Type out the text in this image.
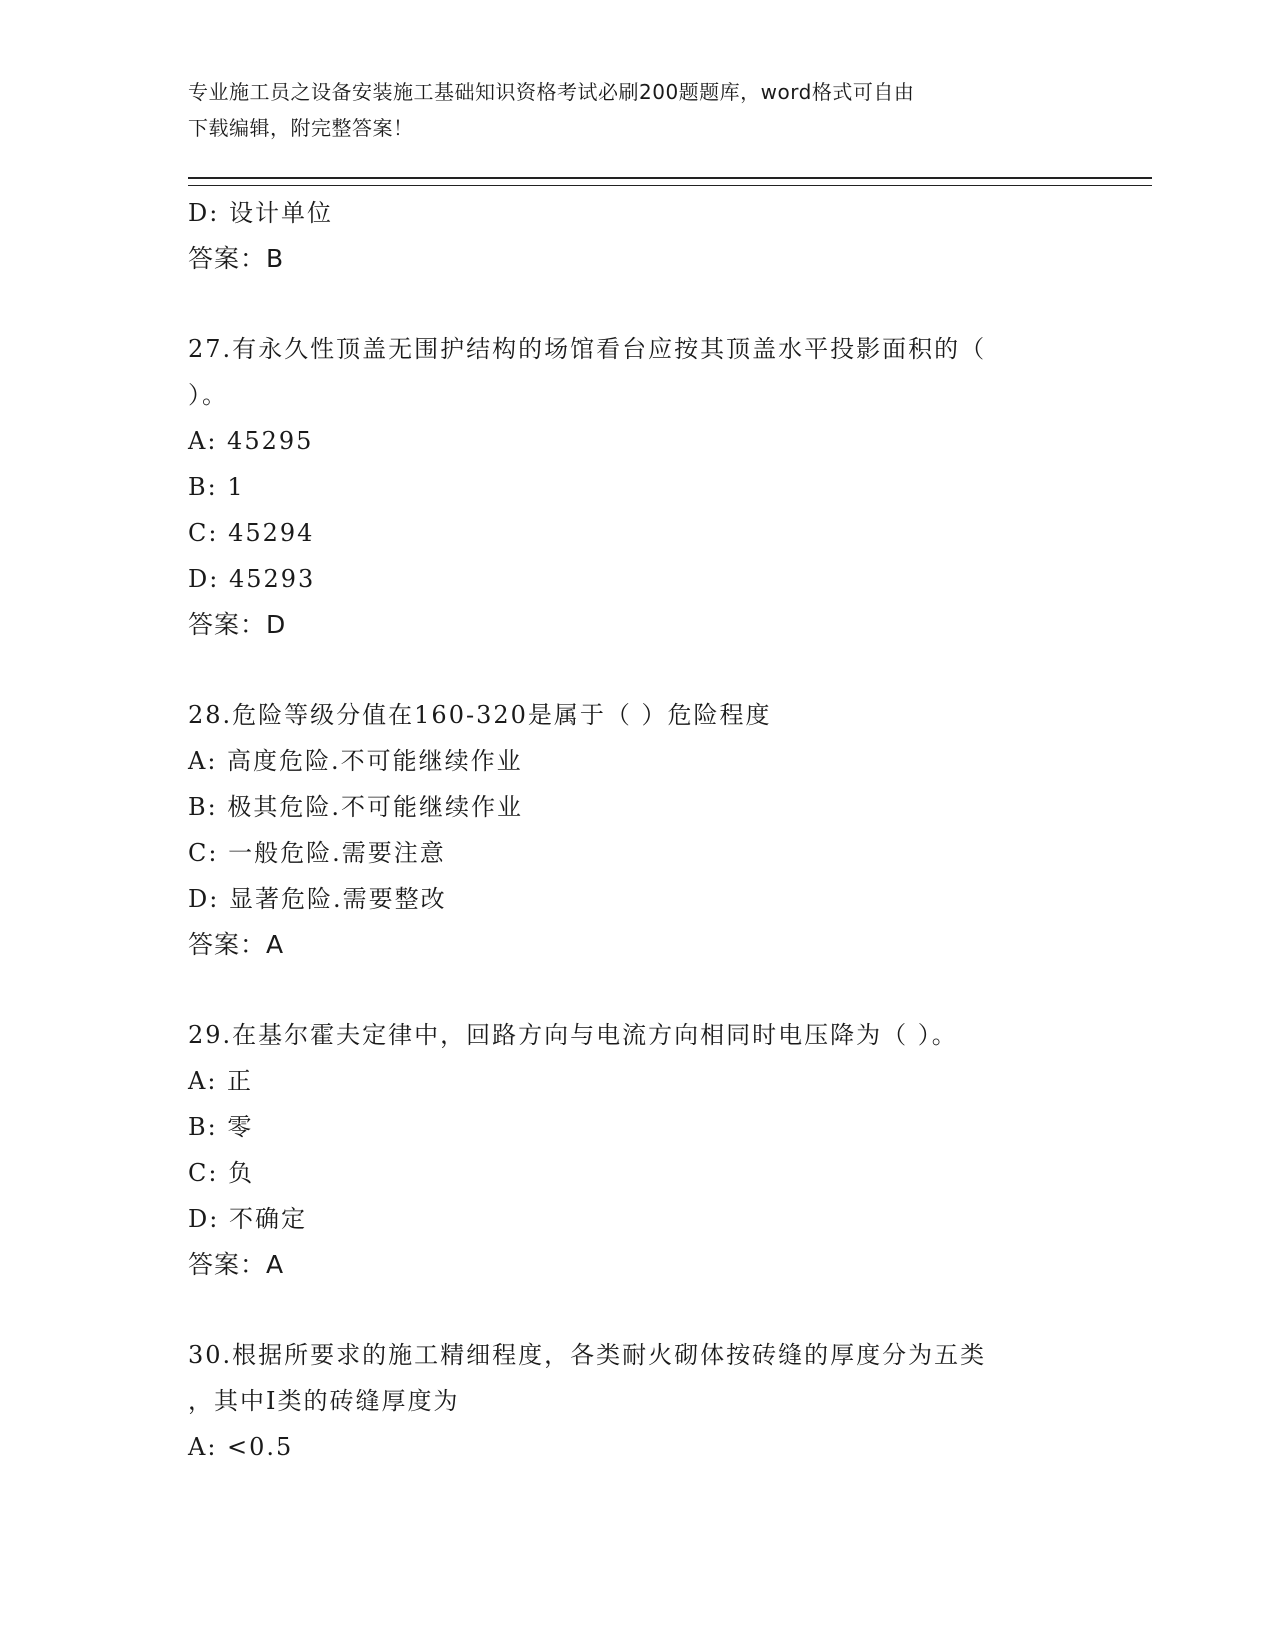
专业施工员之设备安装施工基础知识资格考试必刷200题题库，word格式可自由
下载编辑，附完整答案！
D: 设计单位
答案：B
27.有永久性顶盖无围护结构的场馆看台应按其顶盖水平投影面积的（
）。
A: 45295
B: 1
C: 45294
D: 45293
答案：D
28.危险等级分值在160-320是属于（ ）危险程度
A: 高度危险.不可能继续作业
B: 极其危险.不可能继续作业
C: 一般危险.需要注意
D: 显著危险.需要整改
答案：A
29.在基尔霍夫定律中，回路方向与电流方向相同时电压降为（ ）。
A: 正
B: 零
C: 负
D: 不确定
答案：A
30.根据所要求的施工精细程度，各类耐火砌体按砖缝的厚度分为五类
，其中I类的砖缝厚度为
A: <0.5
